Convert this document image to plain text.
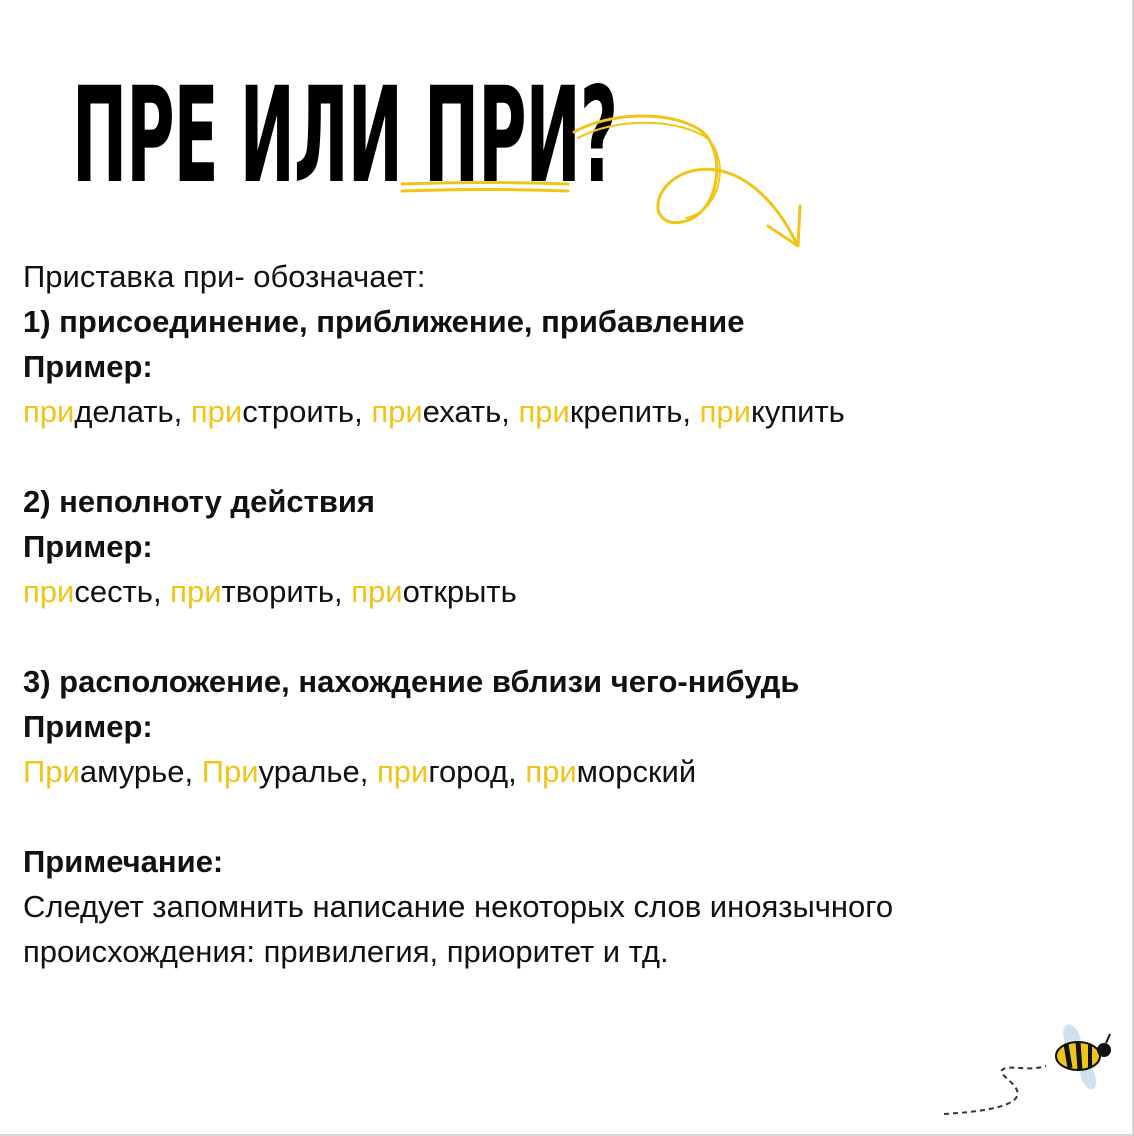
ПРЕ ИЛИ ПРИ?
Приставка при- обозначает:
1) присоединение, приближение, прибавление
Пример:
приделать, пристроить, приехать, прикрепить, прикупить
2) неполноту действия
Пример:
присесть, притворить, приоткрыть
3) расположение, нахождение вблизи чего-нибудь
Пример:
Приамурье, Приуралье, пригород, приморский
Примечание:
Следует запомнить написание некоторых слов иноязычного
происхождения: привилегия, приоритет и тд.
